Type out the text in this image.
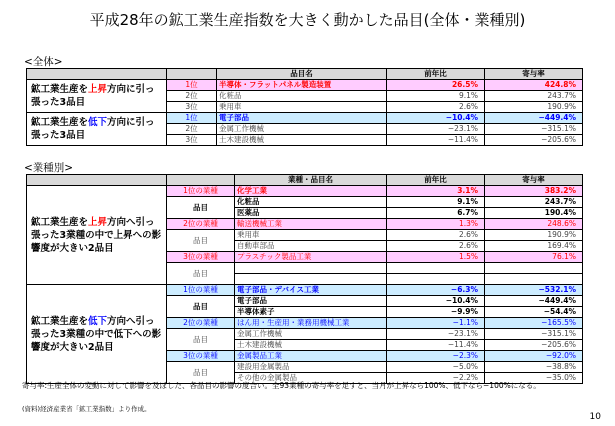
平成28年の鉱工業生産指数を大きく動かした品目(全体・業種別)
<全体>
		品目名	前年比	寄与率
鉱工業生産を上昇方向に引っ張った3品目	1位	半導体・フラットパネル製造装置	26.5%	424.8%
	2位	化粧品	9.1%	243.7%
	3位	乗用車	2.6%	190.9%
鉱工業生産を低下方向に引っ張った3品目	1位	電子部品	−10.4%	−449.4%
	2位	金属工作機械	−23.1%	−315.1%
	3位	土木建設機械	−11.4%	−205.6%
<業種別>
		業種・品目名	前年比	寄与率
鉱工業生産を上昇方向へ引っ張った3業種の中で上昇への影響度が大きい2品目	1位の業種	化学工業	3.1%	383.2%
	品目	化粧品	9.1%	243.7%
		医薬品	6.7%	190.4%
	2位の業種	輸送機械工業	1.3%	248.6%
	品目	乗用車	2.6%	190.9%
		自動車部品	2.6%	169.4%
	3位の業種	プラスチック製品工業	1.5%	76.1%
	品目			

鉱工業生産を低下方向へ引っ張った3業種の中で低下への影響度が大きい2品目	1位の業種	電子部品・デバイス工業	−6.3%	−532.1%
	品目	電子部品	−10.4%	−449.4%
		半導体素子	−9.9%	−54.4%
	2位の業種	はん用・生産用・業務用機械工業	−1.1%	−165.5%
	品目	金属工作機械	−23.1%	−315.1%
		土木建設機械	−11.4%	−205.6%
	3位の業種	金属製品工業	−2.3%	−92.0%
	品目	建設用金属製品	−5.0%	−38.8%
		その他の金属製品	−2.2%	−35.0%
寄与率:生産全体の変動に対して影響を及ぼした、各品目の影響の度合い。全93業種の寄与率を足すと、当月が上昇なら100%、低下なら−100%になる。
(資料)経済産業省「鉱工業指数」より作成。
10
